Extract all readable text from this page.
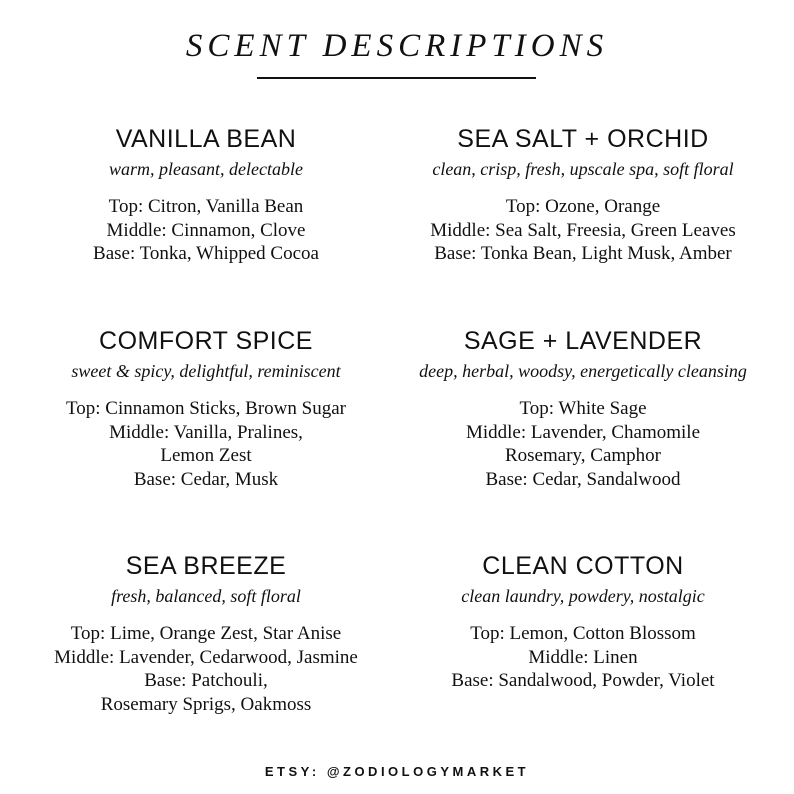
SCENT DESCRIPTIONS
VANILLA BEAN

warm, pleasant, delectable

Top: Citron, Vanilla Bean
Middle: Cinnamon, Clove
Base: Tonka, Whipped Cocoa
SEA SALT + ORCHID

clean, crisp, fresh, upscale spa, soft floral

Top: Ozone, Orange
Middle: Sea Salt, Freesia, Green Leaves
Base: Tonka Bean, Light Musk, Amber
COMFORT SPICE

sweet & spicy, delightful, reminiscent

Top: Cinnamon Sticks, Brown Sugar
Middle: Vanilla, Pralines,
Lemon Zest
Base: Cedar, Musk
SAGE + LAVENDER

deep, herbal, woodsy, energetically cleansing

Top: White Sage
Middle: Lavender, Chamomile
Rosemary, Camphor
Base: Cedar, Sandalwood
SEA BREEZE

fresh, balanced, soft floral

Top: Lime, Orange Zest, Star Anise
Middle: Lavender, Cedarwood, Jasmine
Base: Patchouli,
Rosemary Sprigs, Oakmoss
CLEAN COTTON

clean laundry, powdery, nostalgic

Top: Lemon, Cotton Blossom
Middle: Linen
Base: Sandalwood, Powder, Violet
ETSY: @ZODIOLOGYMARKET
